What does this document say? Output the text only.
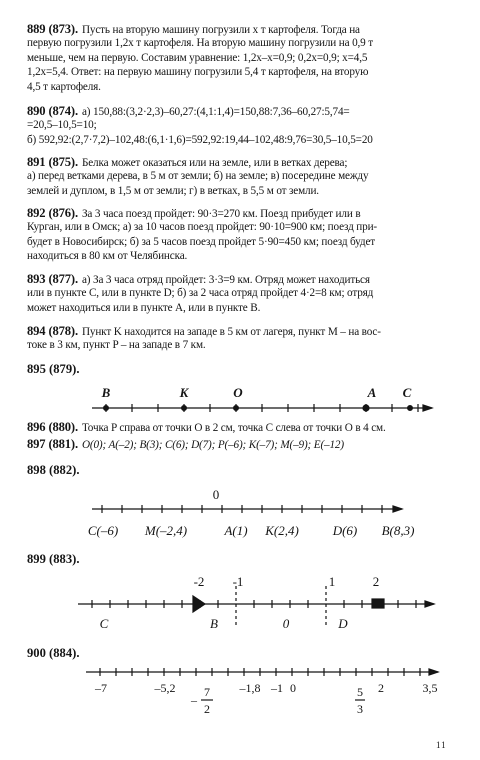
889 (873). Пусть на вторую машину погрузили x т картофеля. Тогда на
первую погрузили 1,2x т картофеля. На вторую машину погрузили на 0,9 т
меньше, чем на первую. Составим уравнение: 1,2x–x=0,9; 0,2x=0,9; x=4,5
1,2x=5,4. Ответ: на первую машину погрузили 5,4 т картофеля, на вторую
4,5 т картофеля.
890 (874). а) 150,88:(3,2·2,3)–60,27:(4,1:1,4)=150,88:7,36–60,27:5,74=
=20,5–10,5=10;
б) 592,92:(2,7·7,2)–102,48:(6,1·1,6)=592,92:19,44–102,48:9,76=30,5–10,5=20
891 (875). Белка может оказаться или на земле, или в ветках дерева;
а) перед ветками дерева, в 5 м от земли; б) на земле; в) посередине между
землей и дуплом, в 1,5 м от земли; г) в ветках, в 5,5 м от земли.
892 (876). За 3 часа поезд пройдет: 90·3=270 км. Поезд прибудет или в
Курган, или в Омск; а) за 10 часов поезд пройдет: 90·10=900 км; поезд при-
будет в Новосибирск; б) за 5 часов поезд пройдет 5·90=450 км; поезд будет
находиться в 80 км от Челябинска.
893 (877). а) За 3 часа отряд пройдет: 3·3=9 км. Отряд может находиться
или в пункте C, или в пункте D; б) за 2 часа отряд пройдет 4·2=8 км; отряд
может находиться или в пункте A, или в пункте B.
894 (878). Пункт K находится на западе в 5 км от лагеря, пункт M – на вос-
токе в 3 км, пункт P – на западе в 7 км.
895 (879).
B	K	O	A C
896 (880). Точка P справа от точки O в 2 см, точка C слева от точки O в 4 см.
897 (881). O(0); A(–2); B(3); C(6); D(7); P(–6); K(–7); M(–9); E(–12)
898 (882).
0
C(–6) M(–2,4)	A(1) K(2,4)	D(6) B(8,3)
899 (883).
-2 -1	1	2
C	B	0	D
900 (884).
–7	–5,2
–
7
2
–1,8 –1 0	5
3
2	3,5
11
